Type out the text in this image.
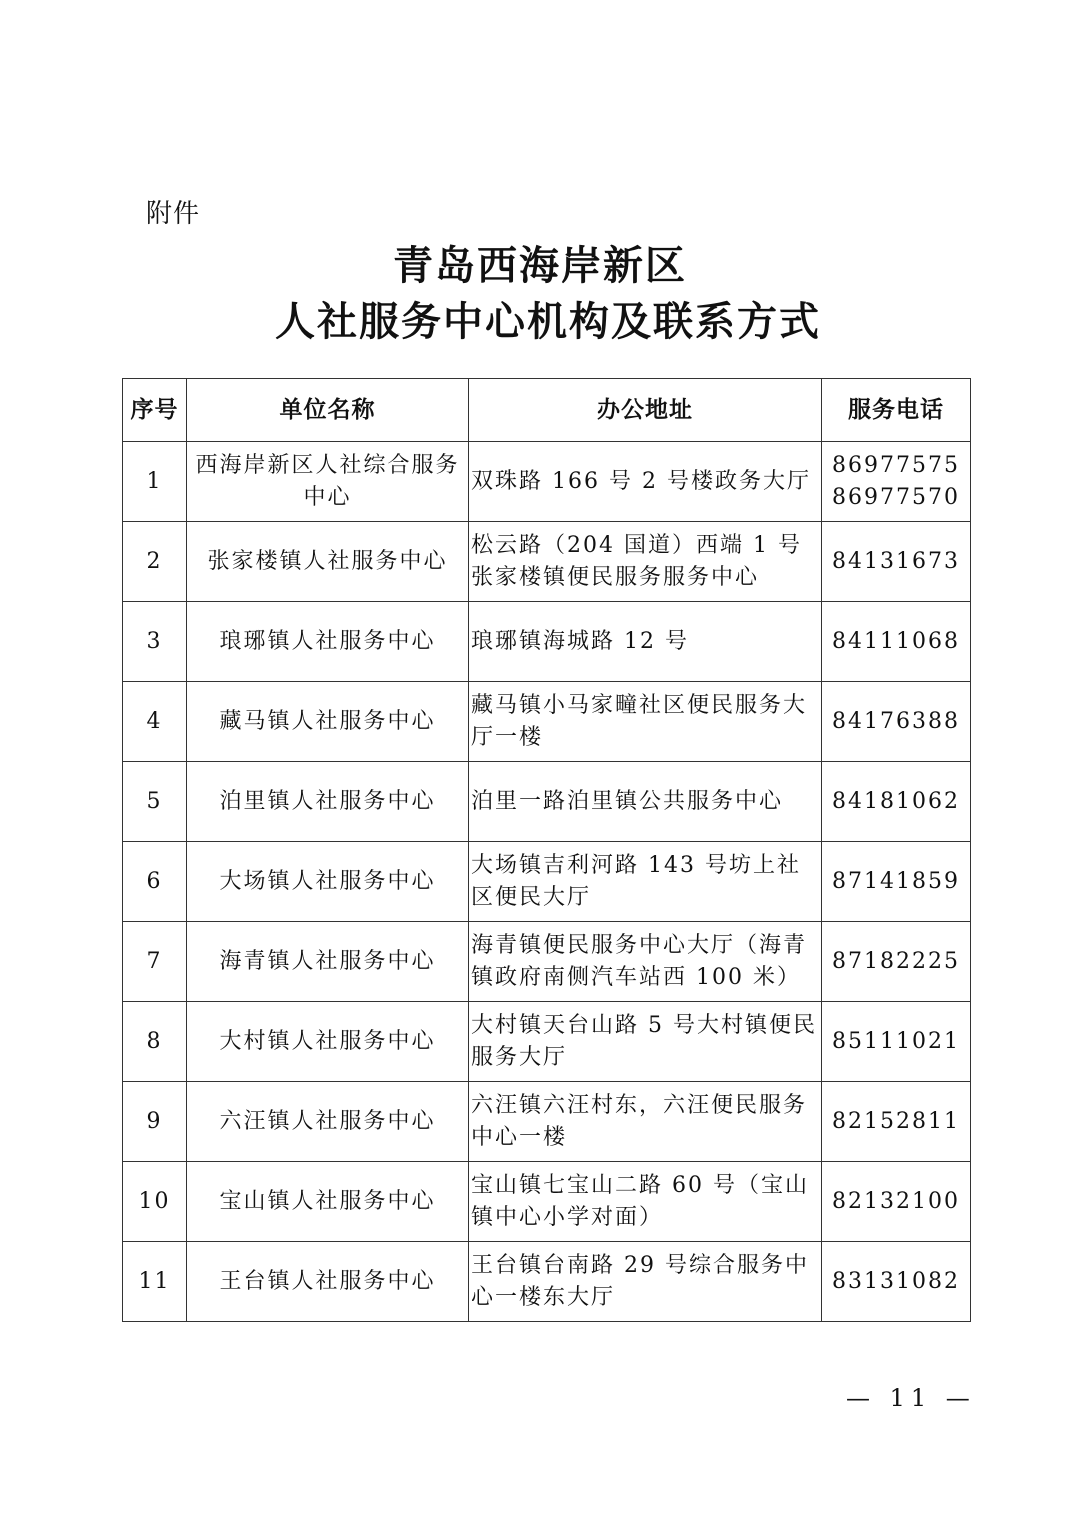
附件
青岛西海岸新区
人社服务中心机构及联系方式
序号	单位名称	办公地址	服务电话
1	西海岸新区人社综合服务中心	双珠路 166 号 2 号楼政务大厅	86977575
86977570

2	张家楼镇人社服务中心	松云路（204 国道）西端 1 号张家楼镇便民服务服务中心	84131673

3	琅琊镇人社服务中心	琅琊镇海城路 12 号	84111068

4	藏马镇人社服务中心	藏马镇小马家疃社区便民服务大厅一楼	84176388

5	泊里镇人社服务中心	泊里一路泊里镇公共服务中心	84181062

6	大场镇人社服务中心	大场镇吉利河路 143 号坊上社区便民大厅	87141859

7	海青镇人社服务中心	海青镇便民服务中心大厅（海青镇政府南侧汽车站西 100 米）	87182225

8	大村镇人社服务中心	大村镇天台山路 5 号大村镇便民服务大厅	85111021

9	六汪镇人社服务中心	六汪镇六汪村东，六汪便民服务中心一楼	82152811

10	宝山镇人社服务中心	宝山镇七宝山二路 60 号（宝山镇中心小学对面）	82132100

11	王台镇人社服务中心	王台镇台南路 29 号综合服务中心一楼东大厅	83131082
— 11 —
